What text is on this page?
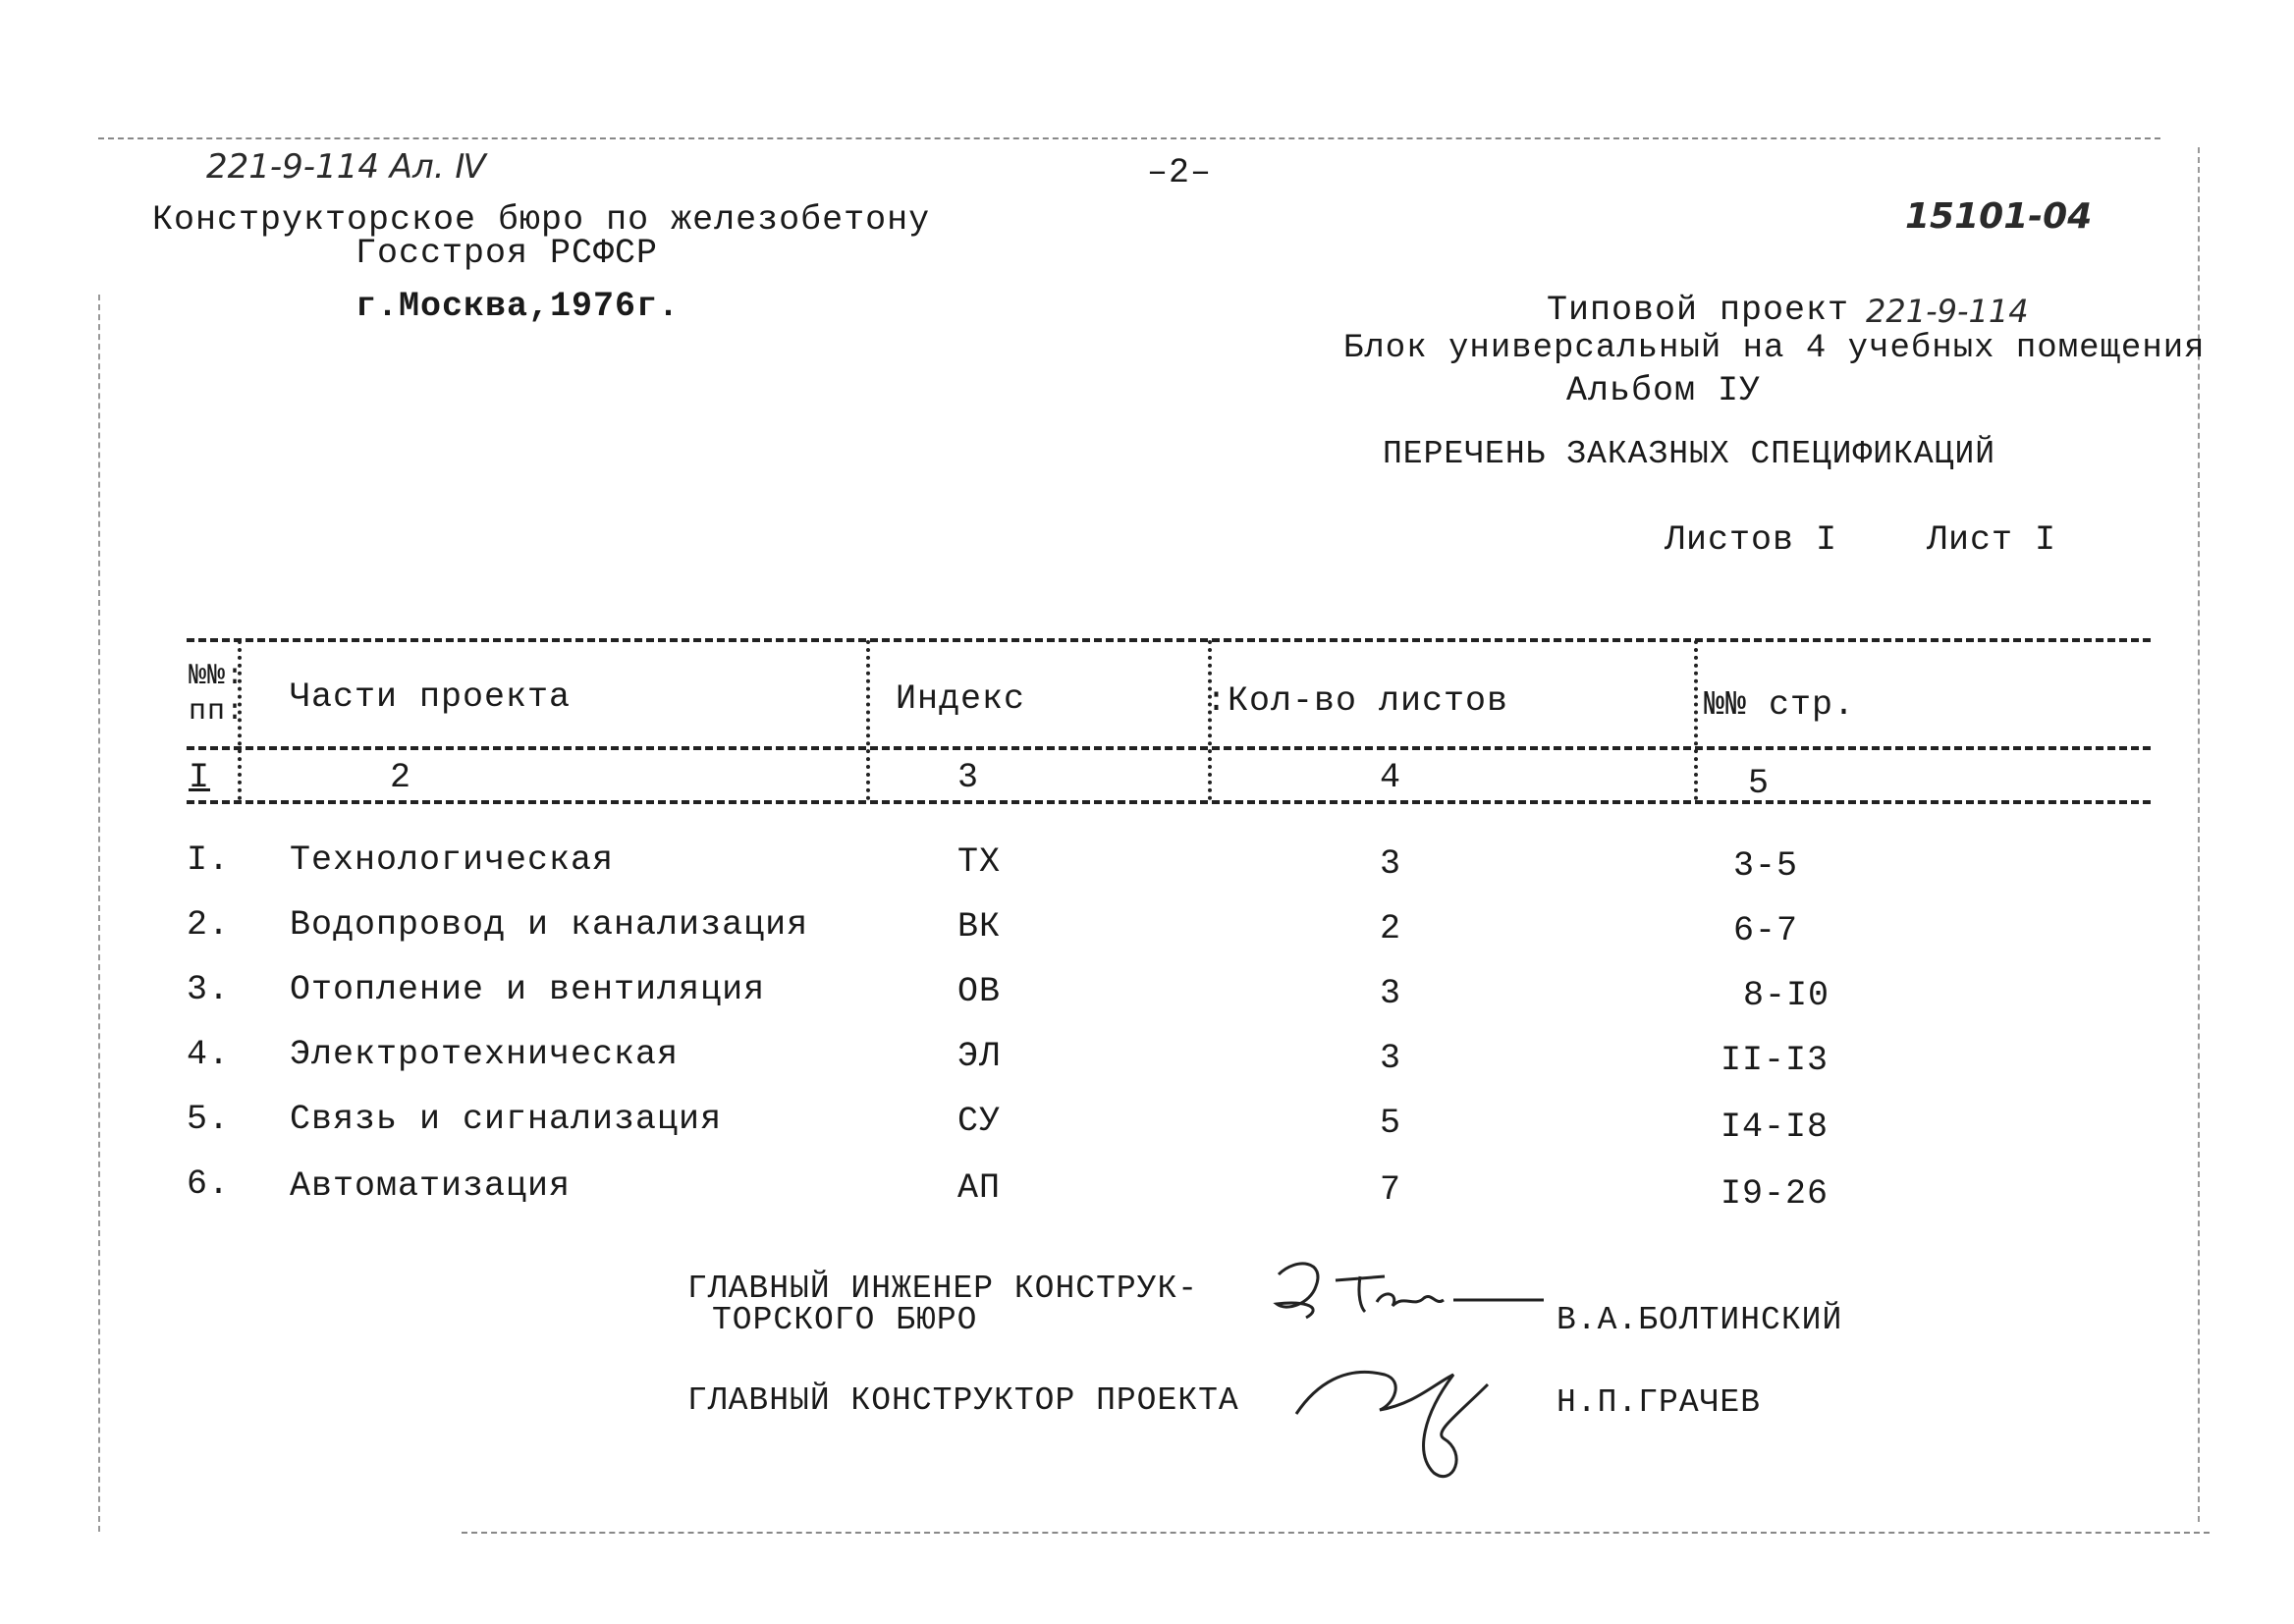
221-9-114 Ал. Ⅳ	–2–
15101-04
Конструкторское бюро по железобетону
Госстроя РСФСР
г.Москва,1976г.	Типовой проект 221-9-114
Блок универсальный на 4 учебных помещения
Альбом IУ
ПЕРЕЧЕНЬ ЗАКАЗНЫХ СПЕЦИФИКАЦИЙ
Листов I	Лист I
№№:
пп: Части проекта	Индекс	:Кол-во листов	№№ стр.
I	2	3	4	5
I. Технологическая	ТХ	3	3-5
2. Водопровод и канализация	ВК	2	6-7
3. Отопление и вентиляция	ОВ	3	8-I0
4. Электротехническая	ЭЛ	3	II-I3
5. Связь и сигнализация	СУ	5	I4-I8
6. Автоматизация	АП	7	I9-26
ГЛАВНЫЙ ИНЖЕНЕР КОНСТРУК-
ТОРСКОГО БЮРО	В.А.БОЛТИНСКИЙ
ГЛАВНЫЙ КОНСТРУКТОР ПРОЕКТА	Н.П.ГРАЧЕВ
